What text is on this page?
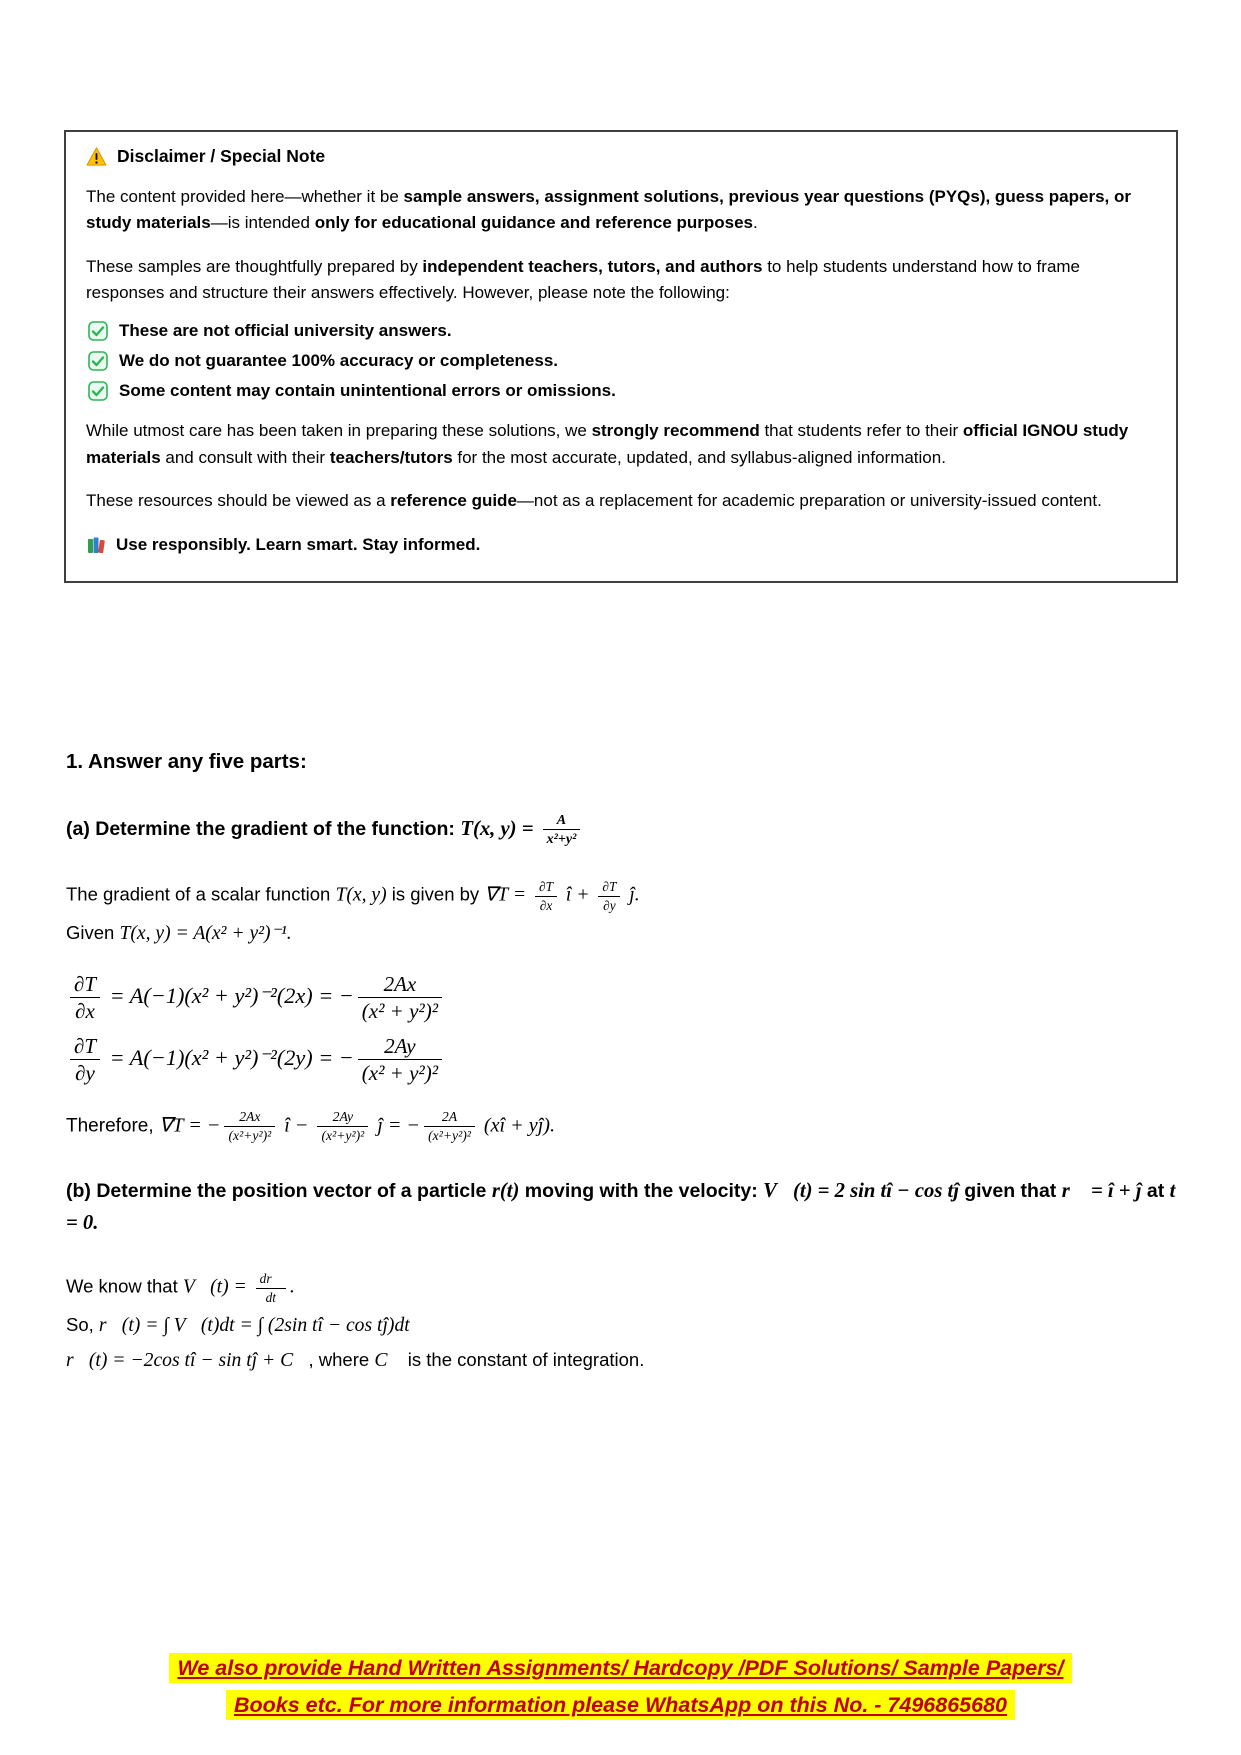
Disclaimer / Special Note

The content provided here—whether it be sample answers, assignment solutions, previous year questions (PYQs), guess papers, or study materials—is intended only for educational guidance and reference purposes.

These samples are thoughtfully prepared by independent teachers, tutors, and authors to help students understand how to frame responses and structure their answers effectively. However, please note the following:

These are not official university answers.
We do not guarantee 100% accuracy or completeness.
Some content may contain unintentional errors or omissions.

While utmost care has been taken in preparing these solutions, we strongly recommend that students refer to their official IGNOU study materials and consult with their teachers/tutors for the most accurate, updated, and syllabus-aligned information.

These resources should be viewed as a reference guide—not as a replacement for academic preparation or university-issued content.

Use responsibly. Learn smart. Stay informed.

1. Answer any five parts:

(a) Determine the gradient of the function: T(x, $y) = \frac{A}{\text{x²+y²}}$

The gradient of a scalar function T(x, y) is given by $\nabla T = \frac{\partial T}{\partial x}$ î + $\frac{\partial T}{\partial y}$ ĵ.

Given T(x, y) = A(x² + y²)⁻¹.

$\frac{\partial T}{\partial x} = A(-1)(x^2 + y^2)^{-2}(2x)$ = − $\frac{2Ax}{\text{(x² + y²)²}}$

$\frac{\partial T}{\partial y} = A(-1)(x^2 + y^2)^{-2}(2y)$ = − $\frac{2Ay}{\text{(x² + y²)²}}$

Therefore, ∇T = − $\frac{2Ax}{\text{(x²+y²)²}}$ î − $\frac{2Ay}{\text{(x²+y²)²}}$ ĵ = − $\frac{2A}{\text{(x²+y²)²}}$ (xî + yĵ).

(b) Determine the position vector of a particle r(t) moving with the velocity: V⃗(t) = 2 sin tî − cos tĵ given that r⃗ = î + ĵ at t = 0.

We know that V⃗(t) = $\frac{dr⃗}{dt}$ .

So, r⃗(t) = ∫ V⃗(t)dt = ∫ (2sin tî − cos tĵ)dt

r⃗(t) = −2cos tî − sin tĵ + C⃗, where C⃗ is the constant of integration.

We also provide Hand Written Assignments/ Hardcopy /PDF Solutions/ Sample Papers/
Books etc. For more information please WhatsApp on this No. - 7496865680
